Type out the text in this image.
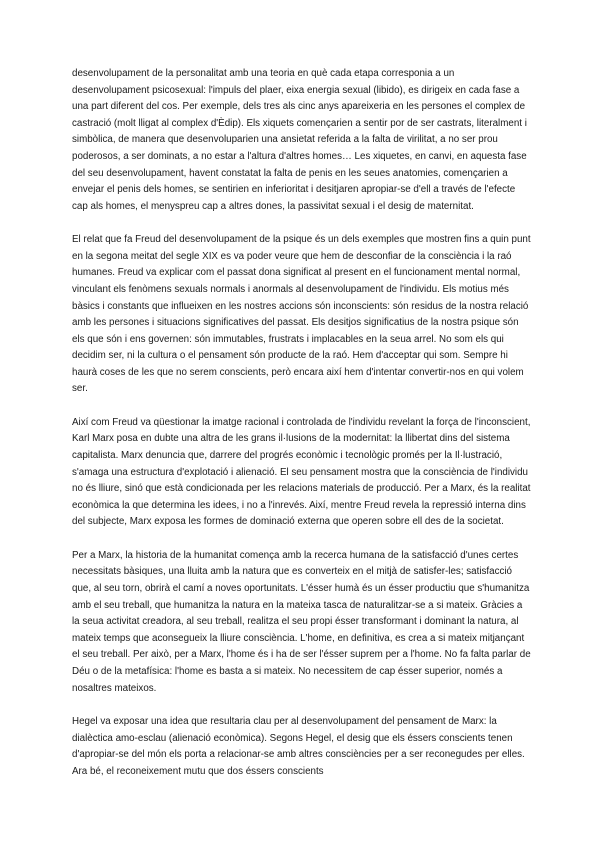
desenvolupament de la personalitat amb una teoria en què cada etapa corresponia a un desenvolupament psicosexual: l'impuls del plaer, eixa energia sexual (libido), es dirigeix en cada fase a una part diferent del cos. Per exemple, dels tres als cinc anys apareixeria en les persones el complex de castració (molt lligat al complex d'Èdip). Els xiquets començarien a sentir por de ser castrats, literalment i simbòlica, de manera que desenvoluparien una ansietat referida a la falta de virilitat, a no ser prou poderosos, a ser dominats, a no estar a l'altura d'altres homes… Les xiquetes, en canvi, en aquesta fase del seu desenvolupament, havent constatat la falta de penis en les seues anatomies, començarien a envejar el penis dels homes, se sentirien en inferioritat i desitjaren apropiar-se d'ell a través de l'efecte cap als homes, el menyspreu cap a altres dones, la passivitat sexual i el desig de maternitat.

El relat que fa Freud del desenvolupament de la psique és un dels exemples que mostren fins a quin punt en la segona meitat del segle XIX es va poder veure que hem de desconfiar de la consciència i la raó humanes. Freud va explicar com el passat dona significat al present en el funcionament mental normal, vinculant els fenòmens sexuals normals i anormals al desenvolupament de l'individu. Els motius més bàsics i constants que influeixen en les nostres accions són inconscients: són residus de la nostra relació amb les persones i situacions significatives del passat. Els desitjos significatius de la nostra psique són els que són i ens governen: són immutables, frustrats i implacables en la seua arrel. No som els qui decidim ser, ni la cultura o el pensament són producte de la raó. Hem d'acceptar qui som. Sempre hi haurà coses de les que no serem conscients, però encara així hem d'intentar convertir-nos en qui volem ser.

Així com Freud va qüestionar la imatge racional i controlada de l'individu revelant la força de l'inconscient, Karl Marx posa en dubte una altra de les grans il·lusions de la modernitat: la llibertat dins del sistema capitalista. Marx denuncia que, darrere del progrés econòmic i tecnològic promés per la Il·lustració, s'amaga una estructura d'explotació i alienació. El seu pensament mostra que la consciència de l'individu no és lliure, sinó que està condicionada per les relacions materials de producció. Per a Marx, és la realitat econòmica la que determina les idees, i no a l'inrevés. Així, mentre Freud revela la repressió interna dins del subjecte, Marx exposa les formes de dominació externa que operen sobre ell des de la societat.

Per a Marx, la historia de la humanitat comença amb la recerca humana de la satisfacció d'unes certes necessitats bàsiques, una lluita amb la natura que es converteix en el mitjà de satisfer-les; satisfacció que, al seu torn, obrirà el camí a noves oportunitats. L'ésser humà és un ésser productiu que s'humanitza amb el seu treball, que humanitza la natura en la mateixa tasca de naturalitzar-se a si mateix. Gràcies a la seua activitat creadora, al seu treball, realitza el seu propi ésser transformant i dominant la natura, al mateix temps que aconsegueix la lliure consciència. L'home, en definitiva, es crea a si mateix mitjançant el seu treball. Per això, per a Marx, l'home és i ha de ser l'ésser suprem per a l'home. No fa falta parlar de Déu o de la metafísica: l'home es basta a si mateix. No necessitem de cap ésser superior, només a nosaltres mateixos.

Hegel va exposar una idea que resultaria clau per al desenvolupament del pensament de Marx: la dialèctica amo-esclau (alienació econòmica). Segons Hegel, el desig que els éssers conscients tenen d'apropiar-se del món els porta a relacionar-se amb altres consciències per a ser reconegudes per elles. Ara bé, el reconeixement mutu que dos éssers conscients
